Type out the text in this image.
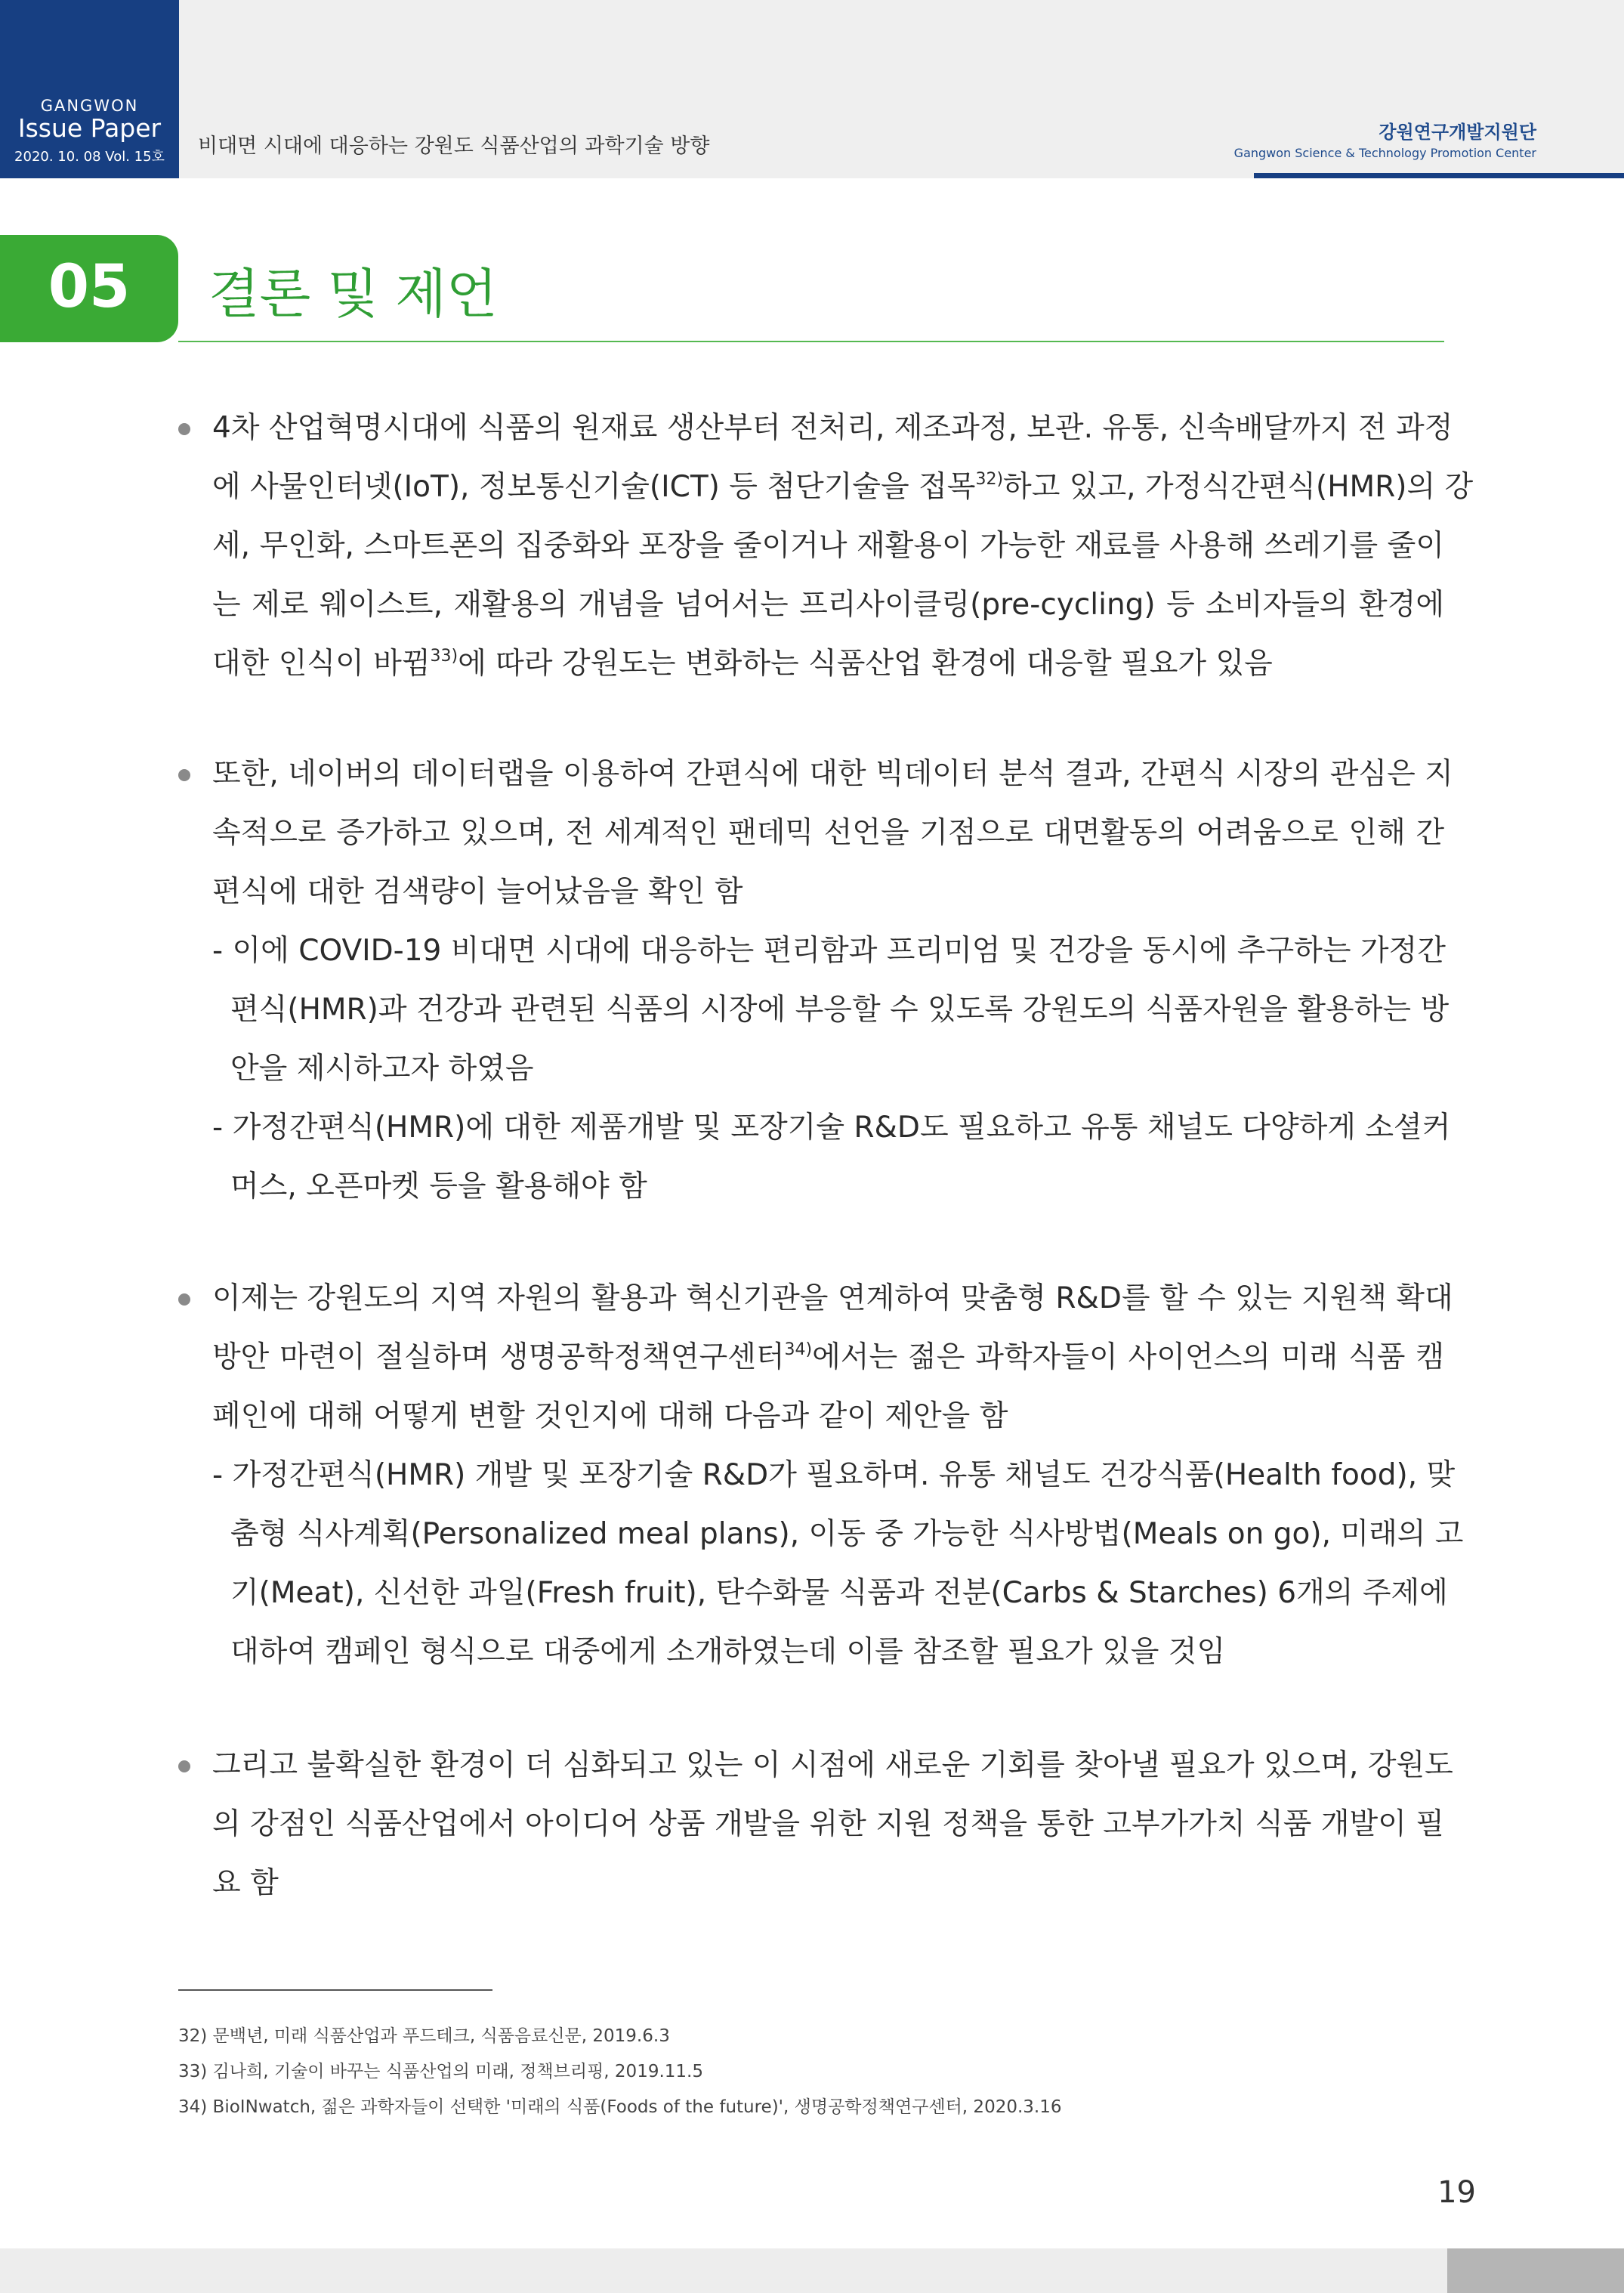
GANGWON
Issue Paper
2020. 10. 08 Vol. 15호	비대면 시대에 대응하는 강원도 식품산업의 과학기술 방향
강원연구개발지원단
Gangwon Science & Technology Promotion Center
05	결론 및 제언
4차 산업혁명시대에 식품의 원재료 생산부터 전처리, 제조과정, 보관. 유통, 신속배달까지 전 과정
에 사물인터넷(IoT), 정보통신기술(ICT) 등 첨단기술을 접목$^{32)}$하고 있고, 가정식간편식(HMR)의 강
세, 무인화, 스마트폰의 집중화와 포장을 줄이거나 재활용이 가능한 재료를 사용해 쓰레기를 줄이
는 제로 웨이스트, 재활용의 개념을 넘어서는 프리사이클링(pre-cycling) 등 소비자들의 환경에
대한 인식이 바뀜$^{33)}$에 따라 강원도는 변화하는 식품산업 환경에 대응할 필요가 있음
또한, 네이버의 데이터랩을 이용하여 간편식에 대한 빅데이터 분석 결과, 간편식 시장의 관심은 지
속적으로 증가하고 있으며, 전 세계적인 팬데믹 선언을 기점으로 대면활동의 어려움으로 인해 간
편식에 대한 검색량이 늘어났음을 확인 함
- 이에 COVID-19 비대면 시대에 대응하는 편리함과 프리미엄 및 건강을 동시에 추구하는 가정간
편식(HMR)과 건강과 관련된 식품의 시장에 부응할 수 있도록 강원도의 식품자원을 활용하는 방
안을 제시하고자 하였음
- 가정간편식(HMR)에 대한 제품개발 및 포장기술 R&D도 필요하고 유통 채널도 다양하게 소셜커
머스, 오픈마켓 등을 활용해야 함
이제는 강원도의 지역 자원의 활용과 혁신기관을 연계하여 맞춤형 R&D를 할 수 있는 지원책 확대
방안 마련이 절실하며 생명공학정책연구센터$^{34)}$에서는 젊은 과학자들이 사이언스의 미래 식품 캠
페인에 대해 어떻게 변할 것인지에 대해 다음과 같이 제안을 함
- 가정간편식(HMR) 개발 및 포장기술 R&D가 필요하며. 유통 채널도 건강식품(Health food), 맞
춤형 식사계획(Personalized meal plans), 이동 중 가능한 식사방법(Meals on go), 미래의 고
기(Meat), 신선한 과일(Fresh fruit), 탄수화물 식품과 전분(Carbs & Starches) 6개의 주제에
대하여 캠페인 형식으로 대중에게 소개하였는데 이를 참조할 필요가 있을 것임
그리고 불확실한 환경이 더 심화되고 있는 이 시점에 새로운 기회를 찾아낼 필요가 있으며, 강원도
의 강점인 식품산업에서 아이디어 상품 개발을 위한 지원 정책을 통한 고부가가치 식품 개발이 필
요 함
32) 문백년, 미래 식품산업과 푸드테크, 식품음료신문, 2019.6.3
33) 김나희, 기술이 바꾸는 식품산업의 미래, 정책브리핑, 2019.11.5
34) BioINwatch, 젊은 과학자들이 선택한 '미래의 식품(Foods of the future)', 생명공학정책연구센터, 2020.3.16
19
